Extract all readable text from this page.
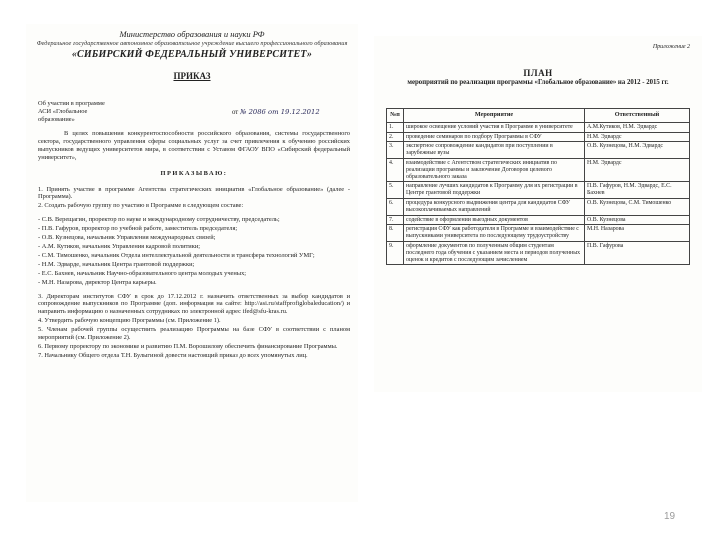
Министерство образования и науки РФ
Федеральное государственное автономное образовательное учреждение высшего профессионального образования
«СИБИРСКИЙ ФЕДЕРАЛЬНЫЙ УНИВЕРСИТЕТ»
ПРИКАЗ
Об участии в программе
АСИ «Глобальное образование»
от № 2086 от 19.12.2012

В целях повышения конкурентоспособности российского образования, системы государственного сектора, государственного управления сферы социальных услуг за счет привлечения к обучению российских выпускников ведущих университетов мира, в соответствии с Уставом ФГАОУ ВПО «Сибирский федеральный университет»,

ПРИКАЗЫВАЮ:

1. Принять участие в программе Агентства стратегических инициатив «Глобальное образование» (далее - Программа).

2. Создать рабочую группу по участию в Программе в следующем составе:

- С.В. Верещагин, проректор по науке и международному сотрудничеству, председатель;

- П.В. Гафуров, проректор по учебной работе, заместитель председателя;

- О.В. Кузнецова, начальник Управления международных связей;

- А.М. Кутиков, начальник Управления кадровой политики;

- С.М. Тимошенко, начальник Отдела интеллектуальной деятельности и трансфера технологий УМГ;

- Н.М. Эдварде, начальник Центра грантовой поддержки;

- Е.С. Бахнев, начальник Научно-образовательного центра молодых ученых;

- М.Н. Назарова, директор Центра карьеры.

3. Директорам институтов СФУ в срок до 17.12.2012 г. назначить ответственных за выбор кандидатов и сопровождение выпускников по Программе (доп. информация на сайте: http://asi.ru/staffprofiglobaleducation/) и направить информацию о назначенных сотрудниках по электронной адрес ifed@sfu-kras.ru.

4. Утвердить рабочую концепцию Программы (см. Приложение 1).

5. Членам рабочей группы осуществить реализацию Программы на базе СФУ в соответствии с планом мероприятий (см. Приложение 2).

6. Первому проректору по экономике и развитию П.М. Ворошилову обеспечить финансирование Программы.

7. Начальнику Общего отдела Т.Н. Булыгиной довести настоящий приказ до всех упомянутых лиц.

Приложение 2
ПЛАН
мероприятий по реализации программы «Глобальное образование» на 2012 - 2015 гг.
№п	Мероприятие	Ответственный
1.	широкое освещение условий участия в Программе в университете	А.М.Кутиков, Н.М. Эдвардс
2.	проведение семинаров по подбору Программы в СФУ	Н.М. Эдвардс
3.	экспертное сопровождение кандидатов при поступлении в зарубежные вузы	О.В. Кузнецова, Н.М. Эдвардс
4.	взаимодействие с Агентством стратегических инициатив по реализации программы и заключение Договоров целевого образовательного заказа	Н.М. Эдвардс
5.	направление лучших кандидатов к Программу для их регистрации в Центре грантовой поддержки	П.В. Гафуров, Н.М. Эдвардс, Е.С. Бахнев
6.	процедура конкурсного выдвижения центра для кандидатов СФУ высокоплачиваемых направлений	О.В. Кузнецова, С.М. Тимошенко
7.	содействие в оформлении выездных документов	О.В. Кузнецова
8.	регистрация СФУ как работодателя в Программе и взаимодействие с выпускниками университета по последующему трудоустройству	М.Н. Назарова
9.	оформление документов по полученным общим студентам последнего года обучения с указанием места и периодов полученных оценок и кредитов с последующим зачислением	П.В. Гафурова
19
